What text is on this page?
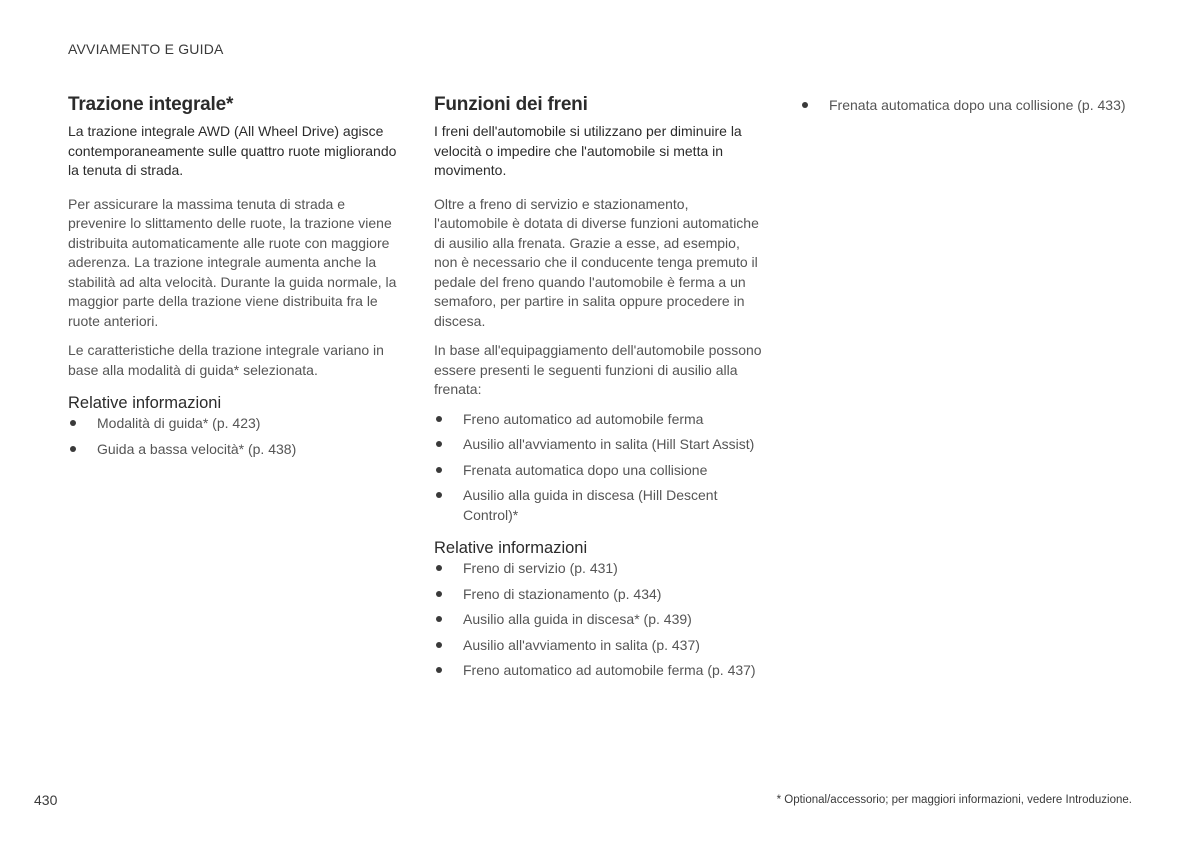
AVVIAMENTO E GUIDA
Trazione integrale*

La trazione integrale AWD (All Wheel Drive) agisce contemporaneamente sulle quattro ruote migliorando la tenuta di strada.

Per assicurare la massima tenuta di strada e prevenire lo slittamento delle ruote, la trazione viene distribuita automaticamente alle ruote con maggiore aderenza. La trazione integrale aumenta anche la stabilità ad alta velocità. Durante la guida normale, la maggior parte della trazione viene distribuita fra le ruote anteriori.

Le caratteristiche della trazione integrale variano in base alla modalità di guida* selezionata.

Relative informazioni
Modalità di guida* (p. 423)
Guida a bassa velocità* (p. 438)
Funzioni dei freni

I freni dell'automobile si utilizzano per diminuire la velocità o impedire che l'automobile si metta in movimento.

Oltre a freno di servizio e stazionamento, l'automobile è dotata di diverse funzioni automatiche di ausilio alla frenata. Grazie a esse, ad esempio, non è necessario che il conducente tenga premuto il pedale del freno quando l'automobile è ferma a un semaforo, per partire in salita oppure procedere in discesa.

In base all'equipaggiamento dell'automobile possono essere presenti le seguenti funzioni di ausilio alla frenata:

Freno automatico ad automobile ferma
Ausilio all'avviamento in salita (Hill Start Assist)
Frenata automatica dopo una collisione
Ausilio alla guida in discesa (Hill Descent Control)*
Relative informazioni
Freno di servizio (p. 431)
Freno di stazionamento (p. 434)
Ausilio alla guida in discesa* (p. 439)
Ausilio all'avviamento in salita (p. 437)
Freno automatico ad automobile ferma (p. 437)
Frenata automatica dopo una collisione (p. 433)
430	* Optional/accessorio; per maggiori informazioni, vedere Introduzione.
